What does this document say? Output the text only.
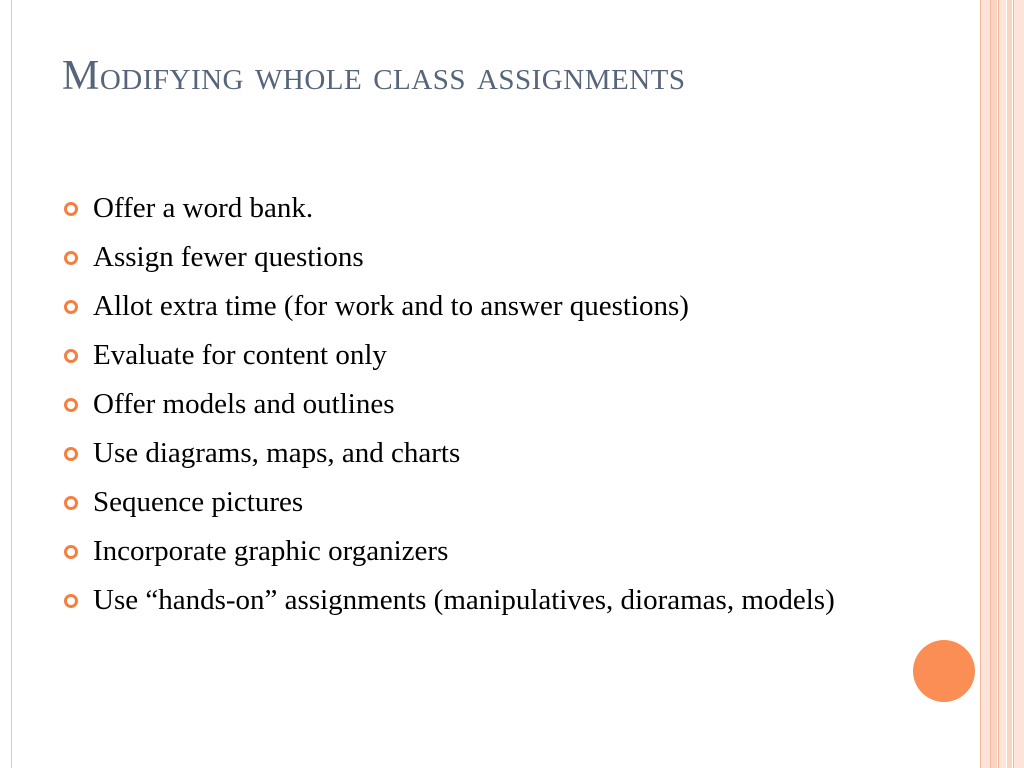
Modifying whole class assignments
Offer a word bank.
Assign fewer questions
Allot extra time (for work and to answer questions)
Evaluate for content only
Offer models and outlines
Use diagrams, maps, and charts
Sequence pictures
Incorporate graphic organizers
Use “hands-on” assignments (manipulatives, dioramas, models)
